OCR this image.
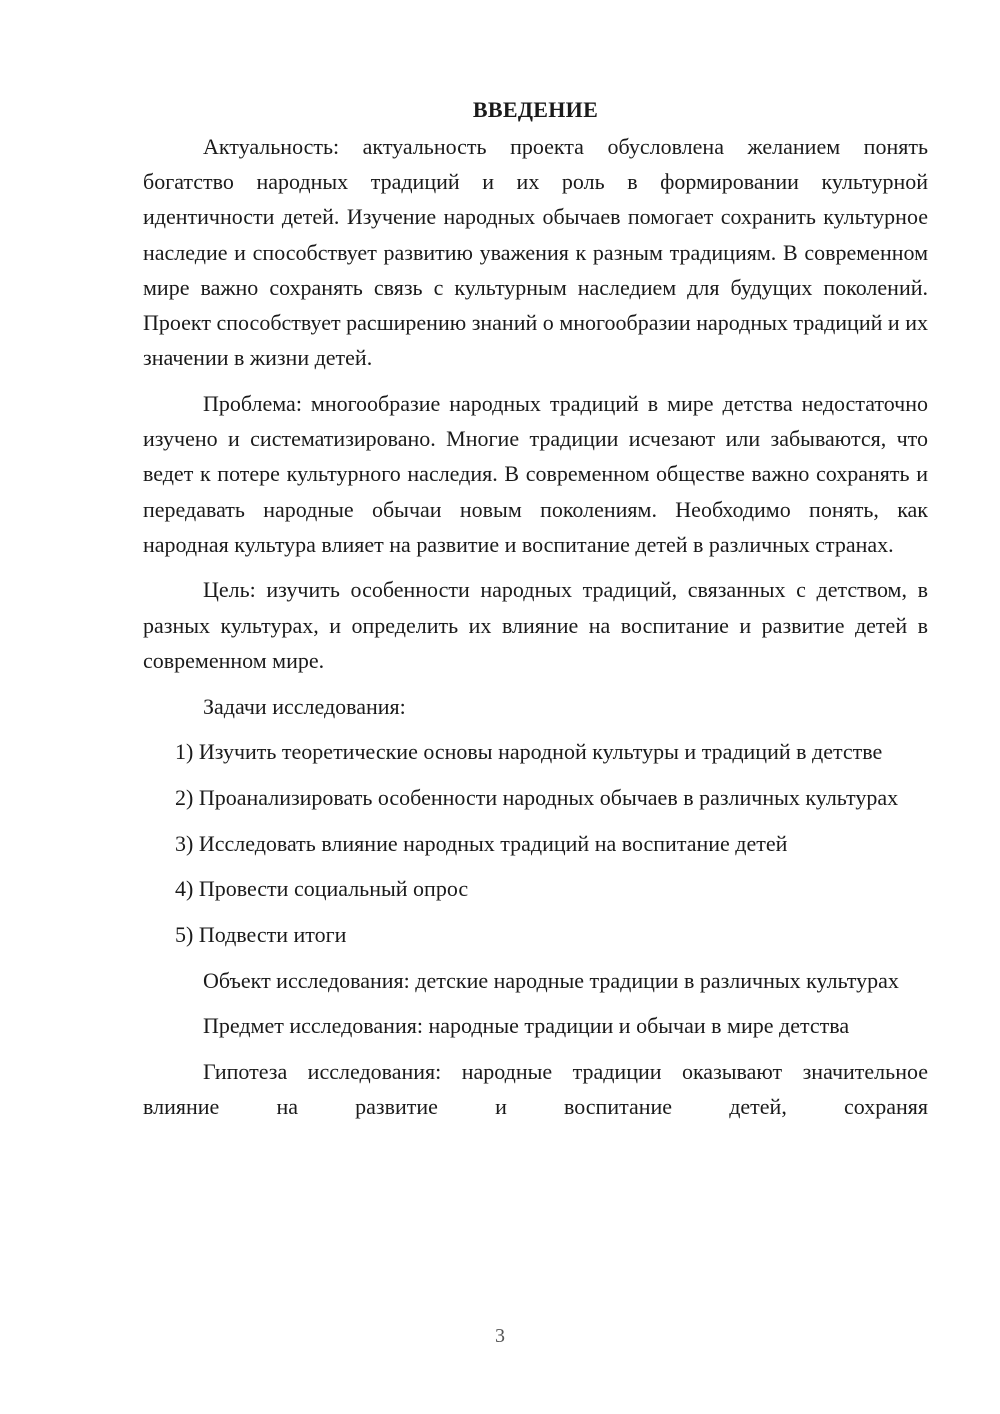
ВВЕДЕНИЕ

Актуальность: актуальность проекта обусловлена желанием понять богатство народных традиций и их роль в формировании культурной идентичности детей. Изучение народных обычаев помогает сохранить культурное наследие и способствует развитию уважения к разным традициям. В современном мире важно сохранять связь с культурным наследием для будущих поколений. Проект способствует расширению знаний о многообразии народных традиций и их значении в жизни детей.

Проблема: многообразие народных традиций в мире детства недостаточно изучено и систематизировано. Многие традиции исчезают или забываются, что ведет к потере культурного наследия. В современном обществе важно сохранять и передавать народные обычаи новым поколениям. Необходимо понять, как народная культура влияет на развитие и воспитание детей в различных странах.

Цель: изучить особенности народных традиций, связанных с детством, в разных культурах, и определить их влияние на воспитание и развитие детей в современном мире.

Задачи исследования:

1) Изучить теоретические основы народной культуры и традиций в детстве

2) Проанализировать особенности народных обычаев в различных культурах

3) Исследовать влияние народных традиций на воспитание детей

4) Провести социальный опрос

5) Подвести итоги

Объект исследования: детские народные традиции в различных культурах

Предмет исследования: народные традиции и обычаи в мире детства

Гипотеза исследования: народные традиции оказывают значительное влияние на развитие и воспитание детей, сохраняя

3
